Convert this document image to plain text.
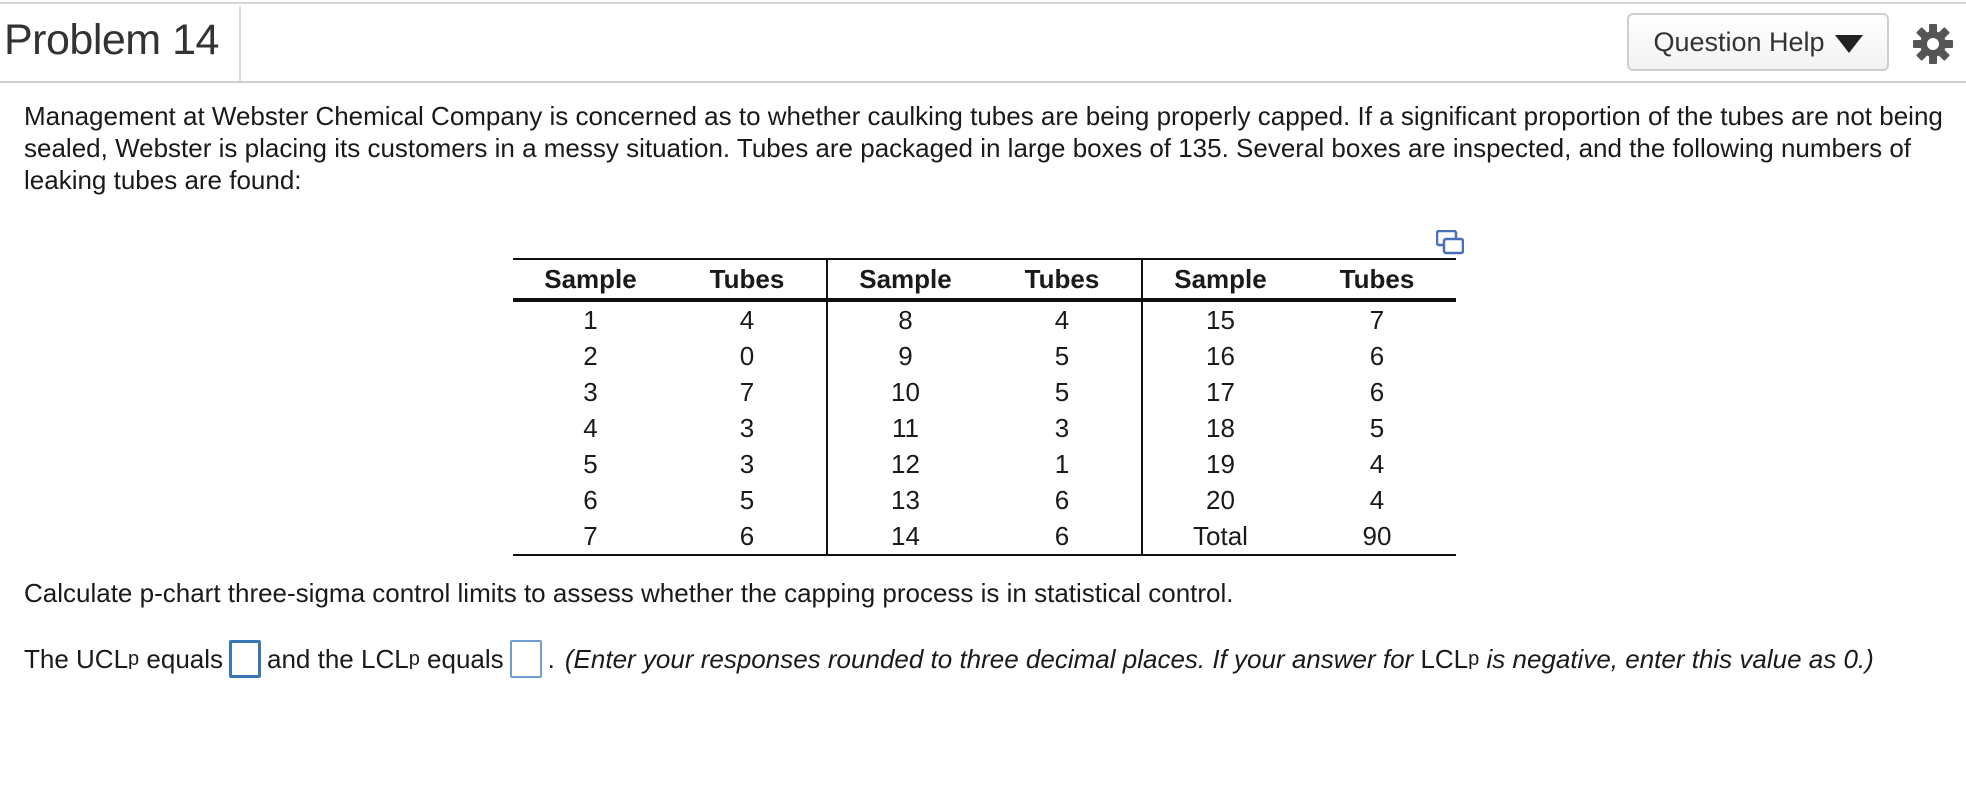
Problem 14	Question Help
Management at Webster Chemical Company is concerned as to whether caulking tubes are being properly capped. If a significant proportion of the tubes are not being sealed, Webster is placing its customers in a messy situation. Tubes are packaged in large boxes of 135. Several boxes are inspected, and the following numbers of leaking tubes are found:
Sample	Tubes	Sample	Tubes	Sample	Tubes
1	4	8	4	15	7
2	0	9	5	16	6
3	7	10	5	17	6
4	3	11	3	18	5
5	3	12	1	19	4
6	5	13	6	20	4
7	6	14	6	Total	90
Calculate p-chart three-sigma control limits to assess whether the capping process is in statistical control.
The UCL p equals and the LCL p equals . (Enter your responses rounded to three decimal places. If your answer for LCL p is negative, enter this value as 0.)
